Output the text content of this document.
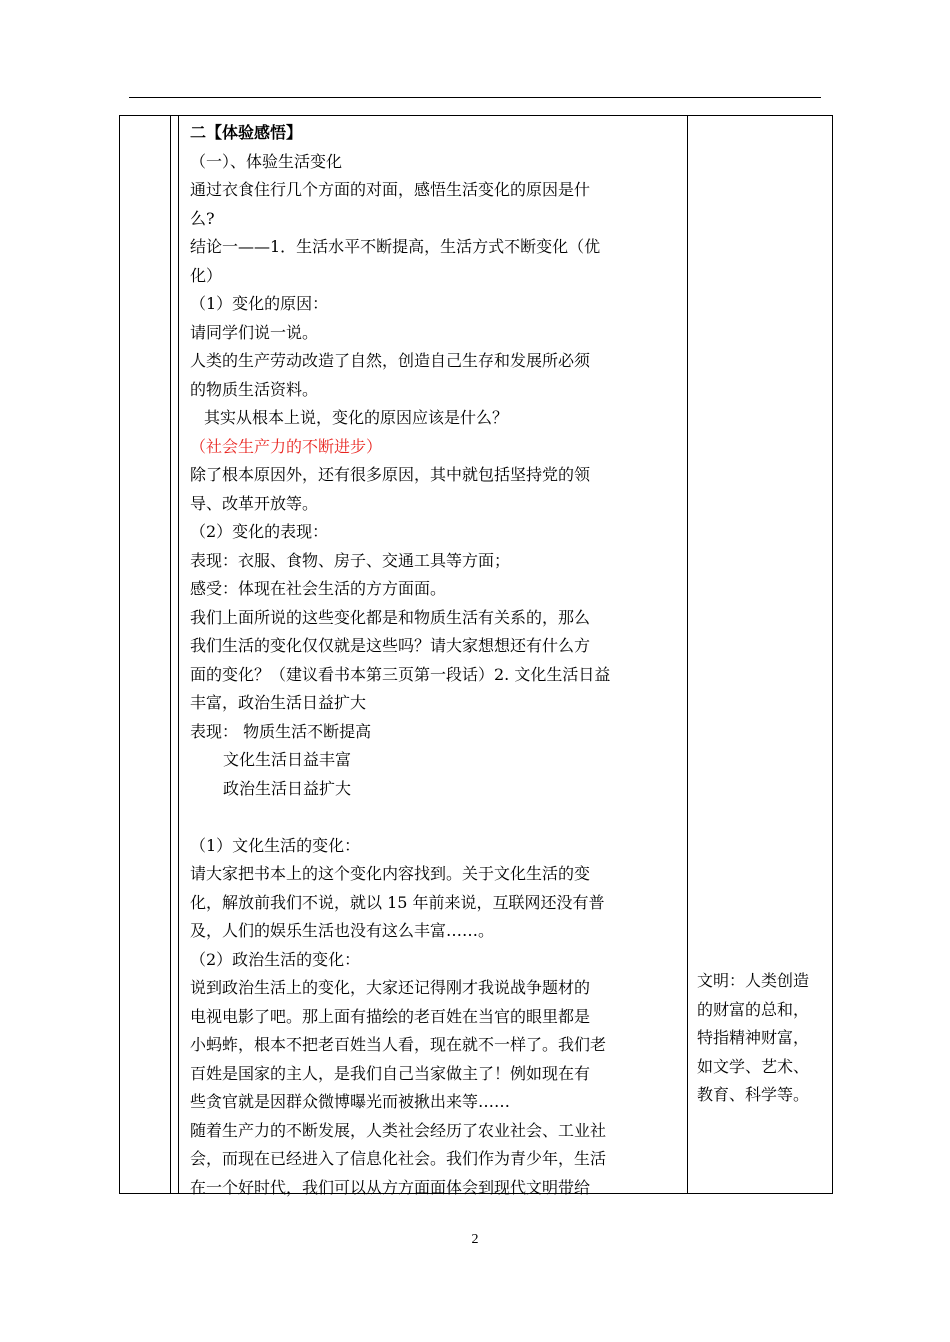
二【体验感悟】

（一）、体验生活变化

通过衣食住行几个方面的对面，感悟生活变化的原因是什

么?

结论一——1．生活水平不断提高，生活方式不断变化（优

化）

（1）变化的原因：

请同学们说一说。

人类的生产劳动改造了自然，创造自己生存和发展所必须

的物质生活资料。

其实从根本上说，变化的原因应该是什么？

（社会生产力的不断进步）

除了根本原因外，还有很多原因，其中就包括坚持党的领

导、改革开放等。

（2）变化的表现：

表现：衣服、食物、房子、交通工具等方面；

感受：体现在社会生活的方方面面。

我们上面所说的这些变化都是和物质生活有关系的，那么

我们生活的变化仅仅就是这些吗？请大家想想还有什么方

面的变化？（建议看书本第三页第一段话）2. 文化生活日益

丰富，政治生活日益扩大

表现： 物质生活不断提高

文化生活日益丰富

政治生活日益扩大

（1）文化生活的变化：

请大家把书本上的这个变化内容找到。关于文化生活的变

化，解放前我们不说，就以 15 年前来说，互联网还没有普

及，人们的娱乐生活也没有这么丰富……。

（2）政治生活的变化：

说到政治生活上的变化，大家还记得刚才我说战争题材的

电视电影了吧。那上面有描绘的老百姓在当官的眼里都是

小蚂蚱，根本不把老百姓当人看，现在就不一样了。我们老

百姓是国家的主人，是我们自己当家做主了！例如现在有

些贪官就是因群众微博曝光而被揪出来等……

随着生产力的不断发展，人类社会经历了农业社会、工业社

会，而现在已经进入了信息化社会。我们作为青少年，生活

在一个好时代，我们可以从方方面面体会到现代文明带给

文明：人类创造

的财富的总和，

特指精神财富，

如文学、艺术、

教育、科学等。

2
